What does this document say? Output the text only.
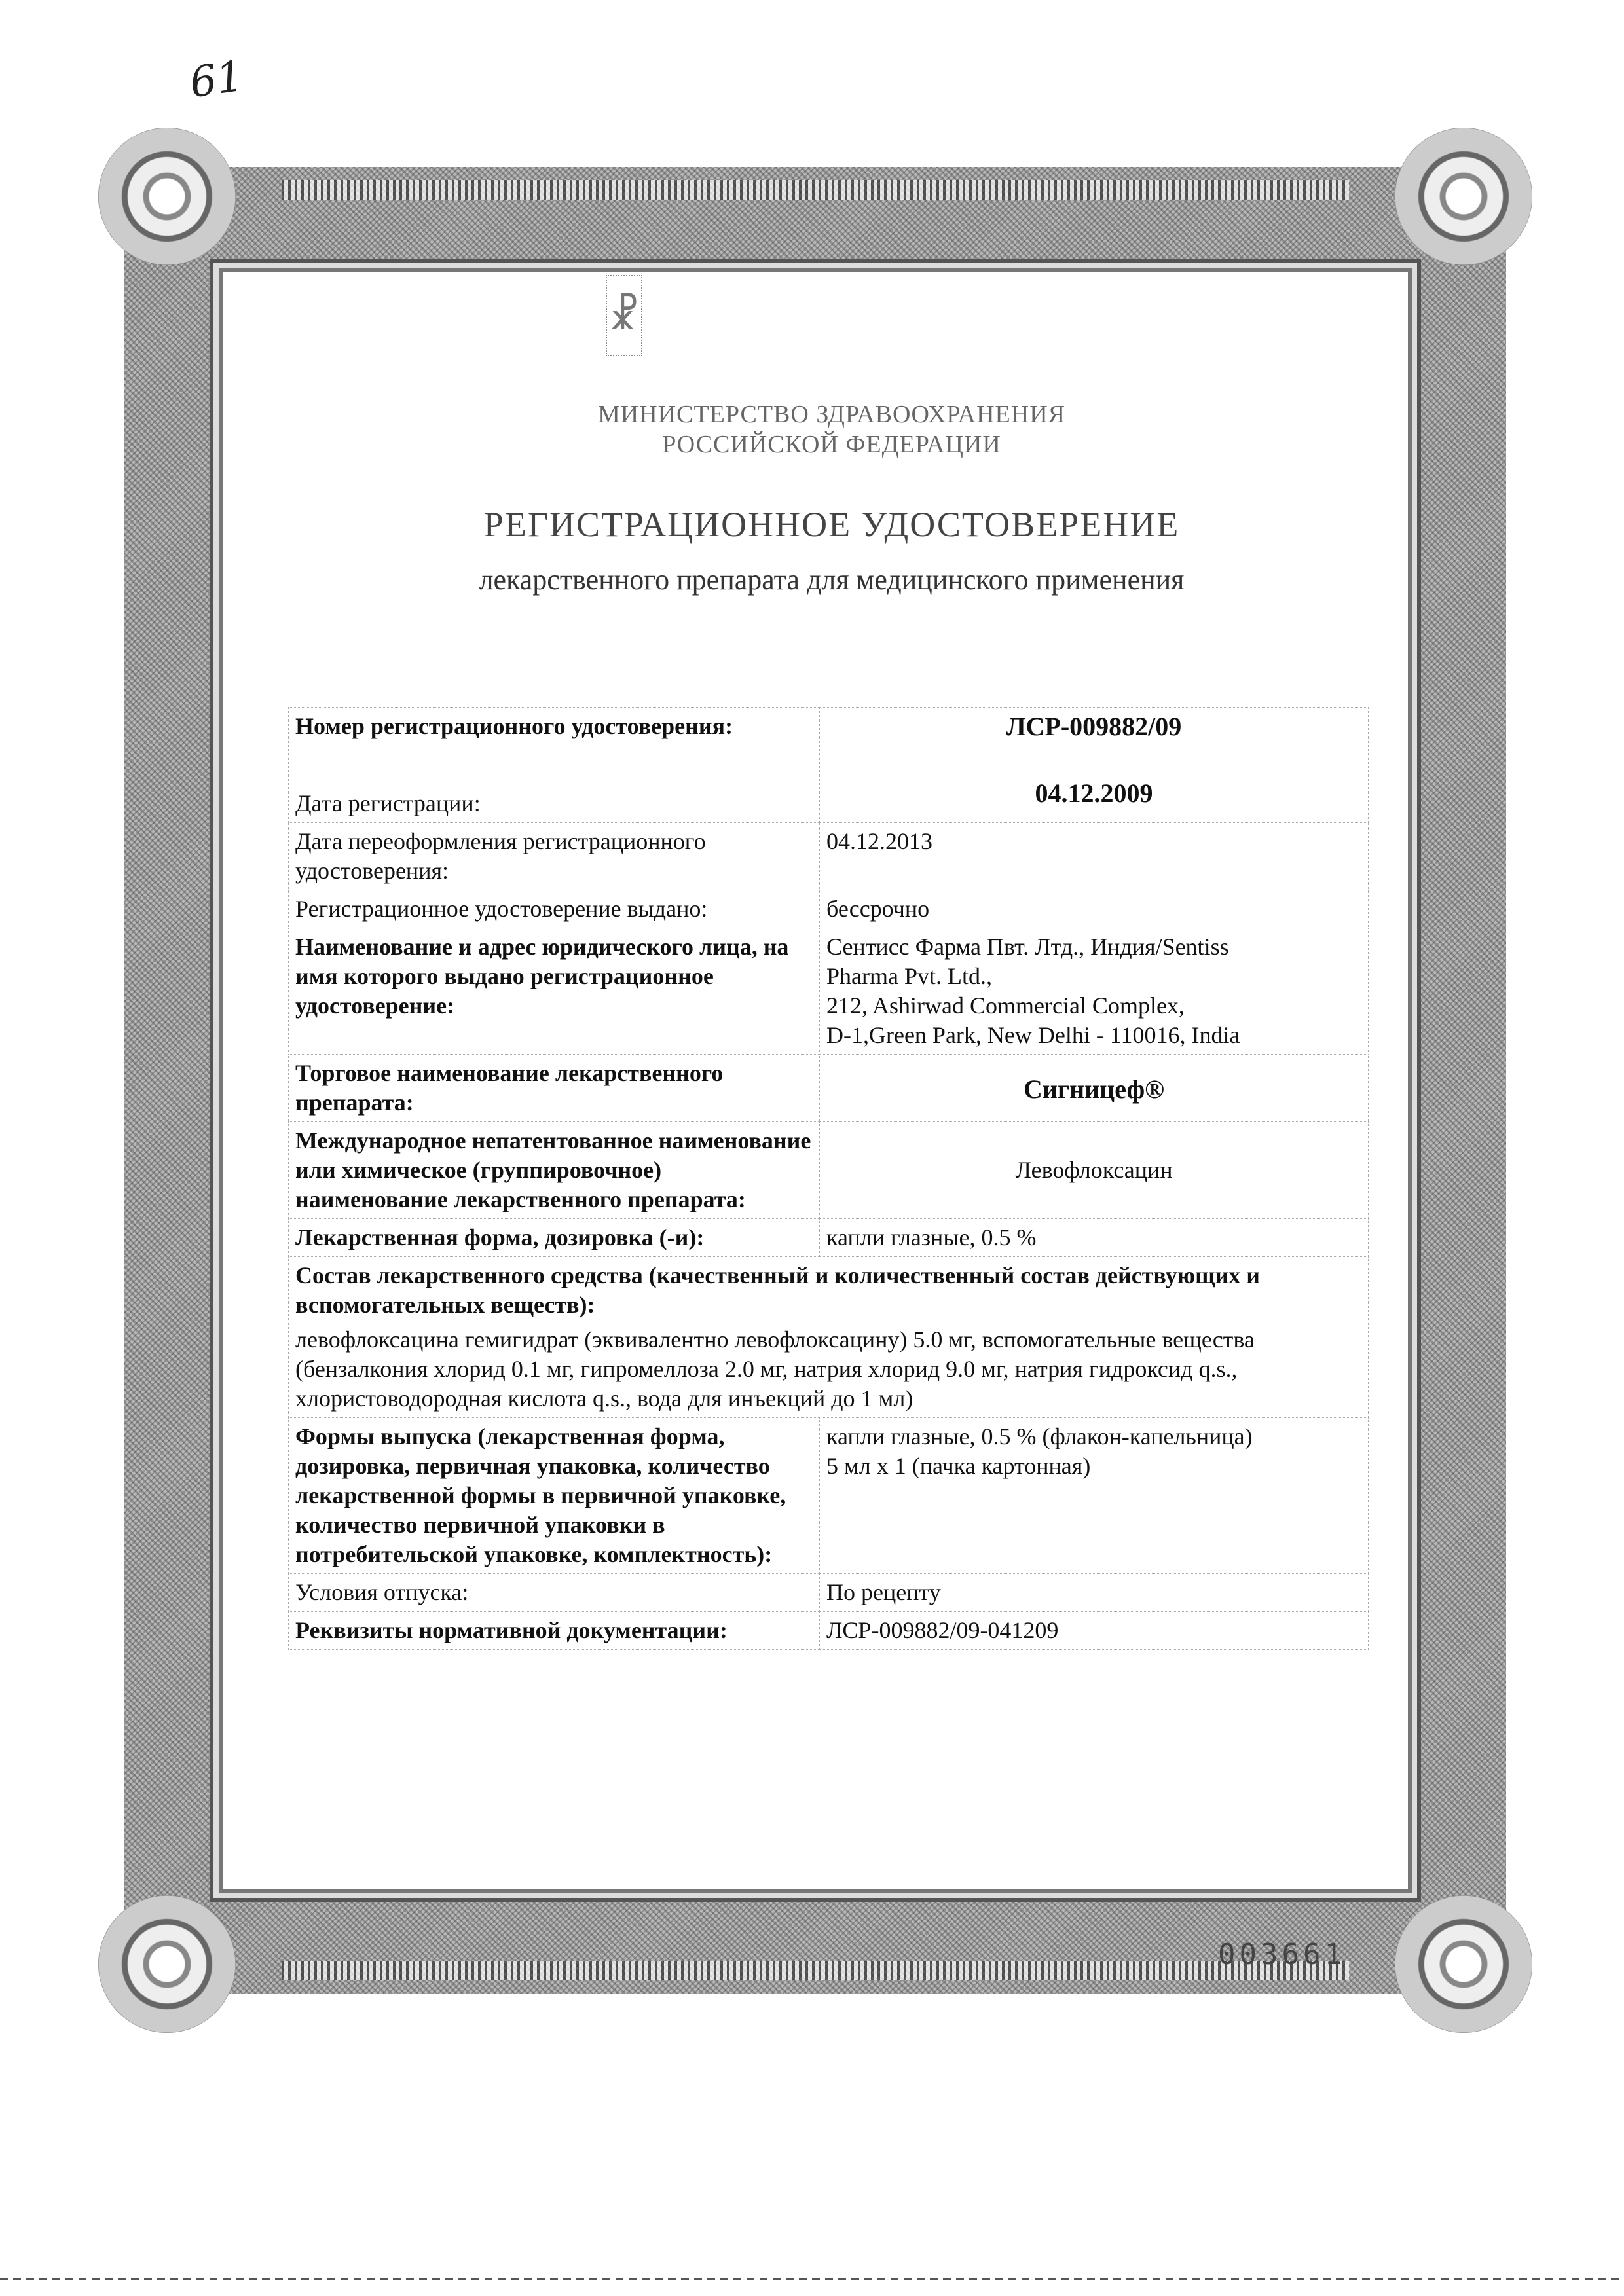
61
☧
МИНИСТЕРСТВО ЗДРАВООХРАНЕНИЯ
РОССИЙСКОЙ ФЕДЕРАЦИИ
РЕГИСТРАЦИОННОЕ УДОСТОВЕРЕНИЕ
лекарственного препарата для медицинского применения
Номер регистрационного удостоверения:	ЛСР-009882/09
Дата регистрации:	04.12.2009
Дата переоформления регистрационного удостоверения:	04.12.2013
Регистрационное удостоверение выдано:	бессрочно
Наименование и адрес юридического лица, на имя которого выдано регистрационное удостоверение:	Сентисс Фарма Пвт. Лтд., Индия/Sentiss
Pharma Pvt. Ltd.,
212, Ashirwad Commercial Complex,
D-1,Green Park, New Delhi - 110016, India

Торговое наименование лекарственного препарата:	Сигницеф®
Международное непатентованное наименование или химическое (группировочное) наименование лекарственного препарата:	Левофлоксацин
Лекарственная форма, дозировка (-и):	капли глазные, 0.5 %

Состав лекарственного средства (качественный и количественный состав действующих и вспомогательных веществ):
левофлоксацина гемигидрат (эквивалентно левофлоксацину) 5.0 мг, вспомогательные вещества (бензалкония хлорид 0.1 мг, гипромеллоза 2.0 мг, натрия хлорид 9.0 мг, натрия гидроксид q.s., хлористоводородная кислота q.s., вода для инъекций до 1 мл)	

Формы выпуска (лекарственная форма, дозировка, первичная упаковка, количество лекарственной формы в первичной упаковке, количество первичной упаковки в потребительской упаковке, комплектность):	капли глазные, 0.5 % (флакон-капельница)
5 мл x 1 (пачка картонная)

Условия отпуска:	По рецепту
Реквизиты нормативной документации:	ЛСР-009882/09-041209
003661
